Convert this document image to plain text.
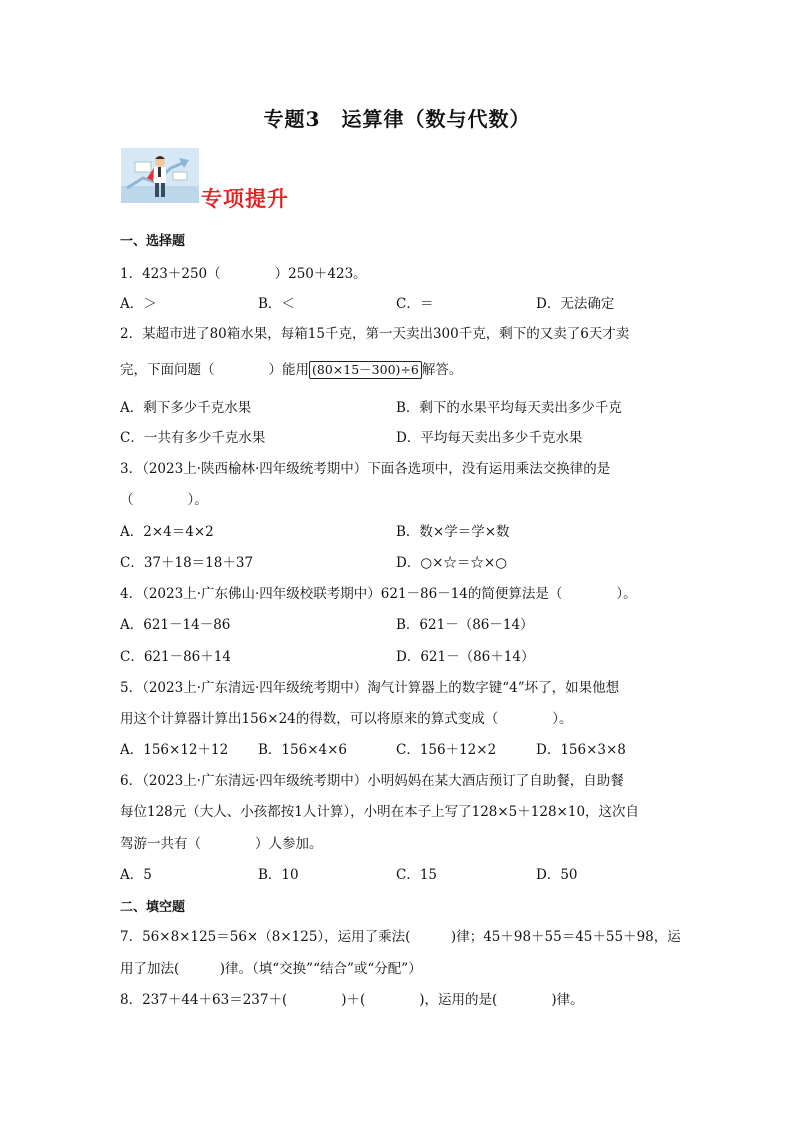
专题3　运算律（数与代数）
专项提升
一、选择题
1．423＋250（　　　　）250＋423。
A．＞	B．＜	C．＝	D．无法确定
2．某超市进了80箱水果，每箱15千克，第一天卖出300千克，剩下的又卖了6天才卖
完，下面问题（　　　　）能用 (80×15－300)÷6 解答。
A．剩下多少千克水果	B．剩下的水果平均每天卖出多少千克
C．一共有多少千克水果	D．平均每天卖出多少千克水果
3．（2023上·陕西榆林·四年级统考期中）下面各选项中，没有运用乘法交换律的是
（　　　　）。
A．2×4＝4×2	B．数×学＝学×数
C．37＋18＝18＋37	D．○×☆＝☆×○
4．（2023上·广东佛山·四年级校联考期中）621－86－14的简便算法是（　　　　）。
A．621－14－86	B．621－（86－14）
C．621－86＋14	D．621－（86＋14）
5．（2023上·广东清远·四年级统考期中）淘气计算器上的数字键“4”坏了，如果他想
用这个计算器计算出156×24的得数，可以将原来的算式变成（　　　　）。
A．156×12＋12 B．156×4×6	C．156＋12×2	D．156×3×8
6．（2023上·广东清远·四年级统考期中）小明妈妈在某大酒店预订了自助餐，自助餐
每位128元（大人、小孩都按1人计算），小明在本子上写了128×5＋128×10，这次自
驾游一共有（　　　　）人参加。
A．5	B．10	C．15	D．50
二、填空题
7．56×8×125＝56×（8×125），运用了乘法(　　　)律；45＋98＋55＝45＋55＋98，运
用了加法(　　　)律。（填“交换”“结合”或“分配”）
8．237＋44＋63＝237＋(　　　　)＋(　　　　)，运用的是(　　　　)律。
